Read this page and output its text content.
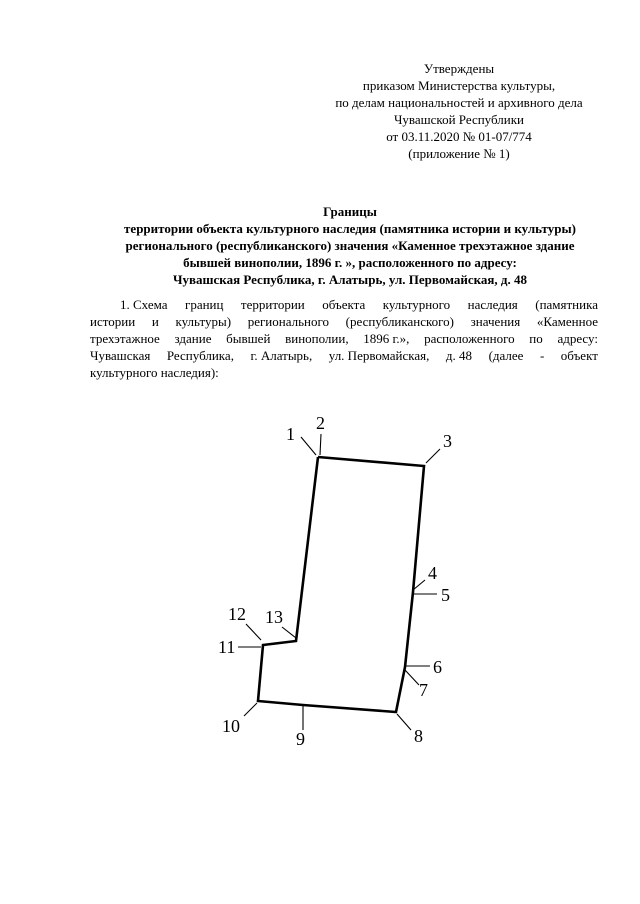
Утверждены
приказом Министерства культуры,
по делам национальностей и архивного дела
Чувашской Республики
от 03.11.2020 № 01-07/774
(приложение № 1)
Границы
территории объекта культурного наследия (памятника истории и культуры)
регионального (республиканского) значения «Каменное трехэтажное здание
бывшей винополии, 1896 г. », расположенного по адресу:
Чувашская Республика, г. Алатырь, ул. Первомайская, д. 48
1. Схема границ территории объекта культурного наследия (памятника
истории и культуры) регионального (республиканского) значения «Каменное
трехэтажное здание бывшей винополии, 1896 г.», расположенного по адресу:
Чувашская Республика, г. Алатырь, ул. Первомайская, д. 48 (далее - объект
культурного наследия):
1
2
3
4
5
6
7
8
9
10
11
12 13
